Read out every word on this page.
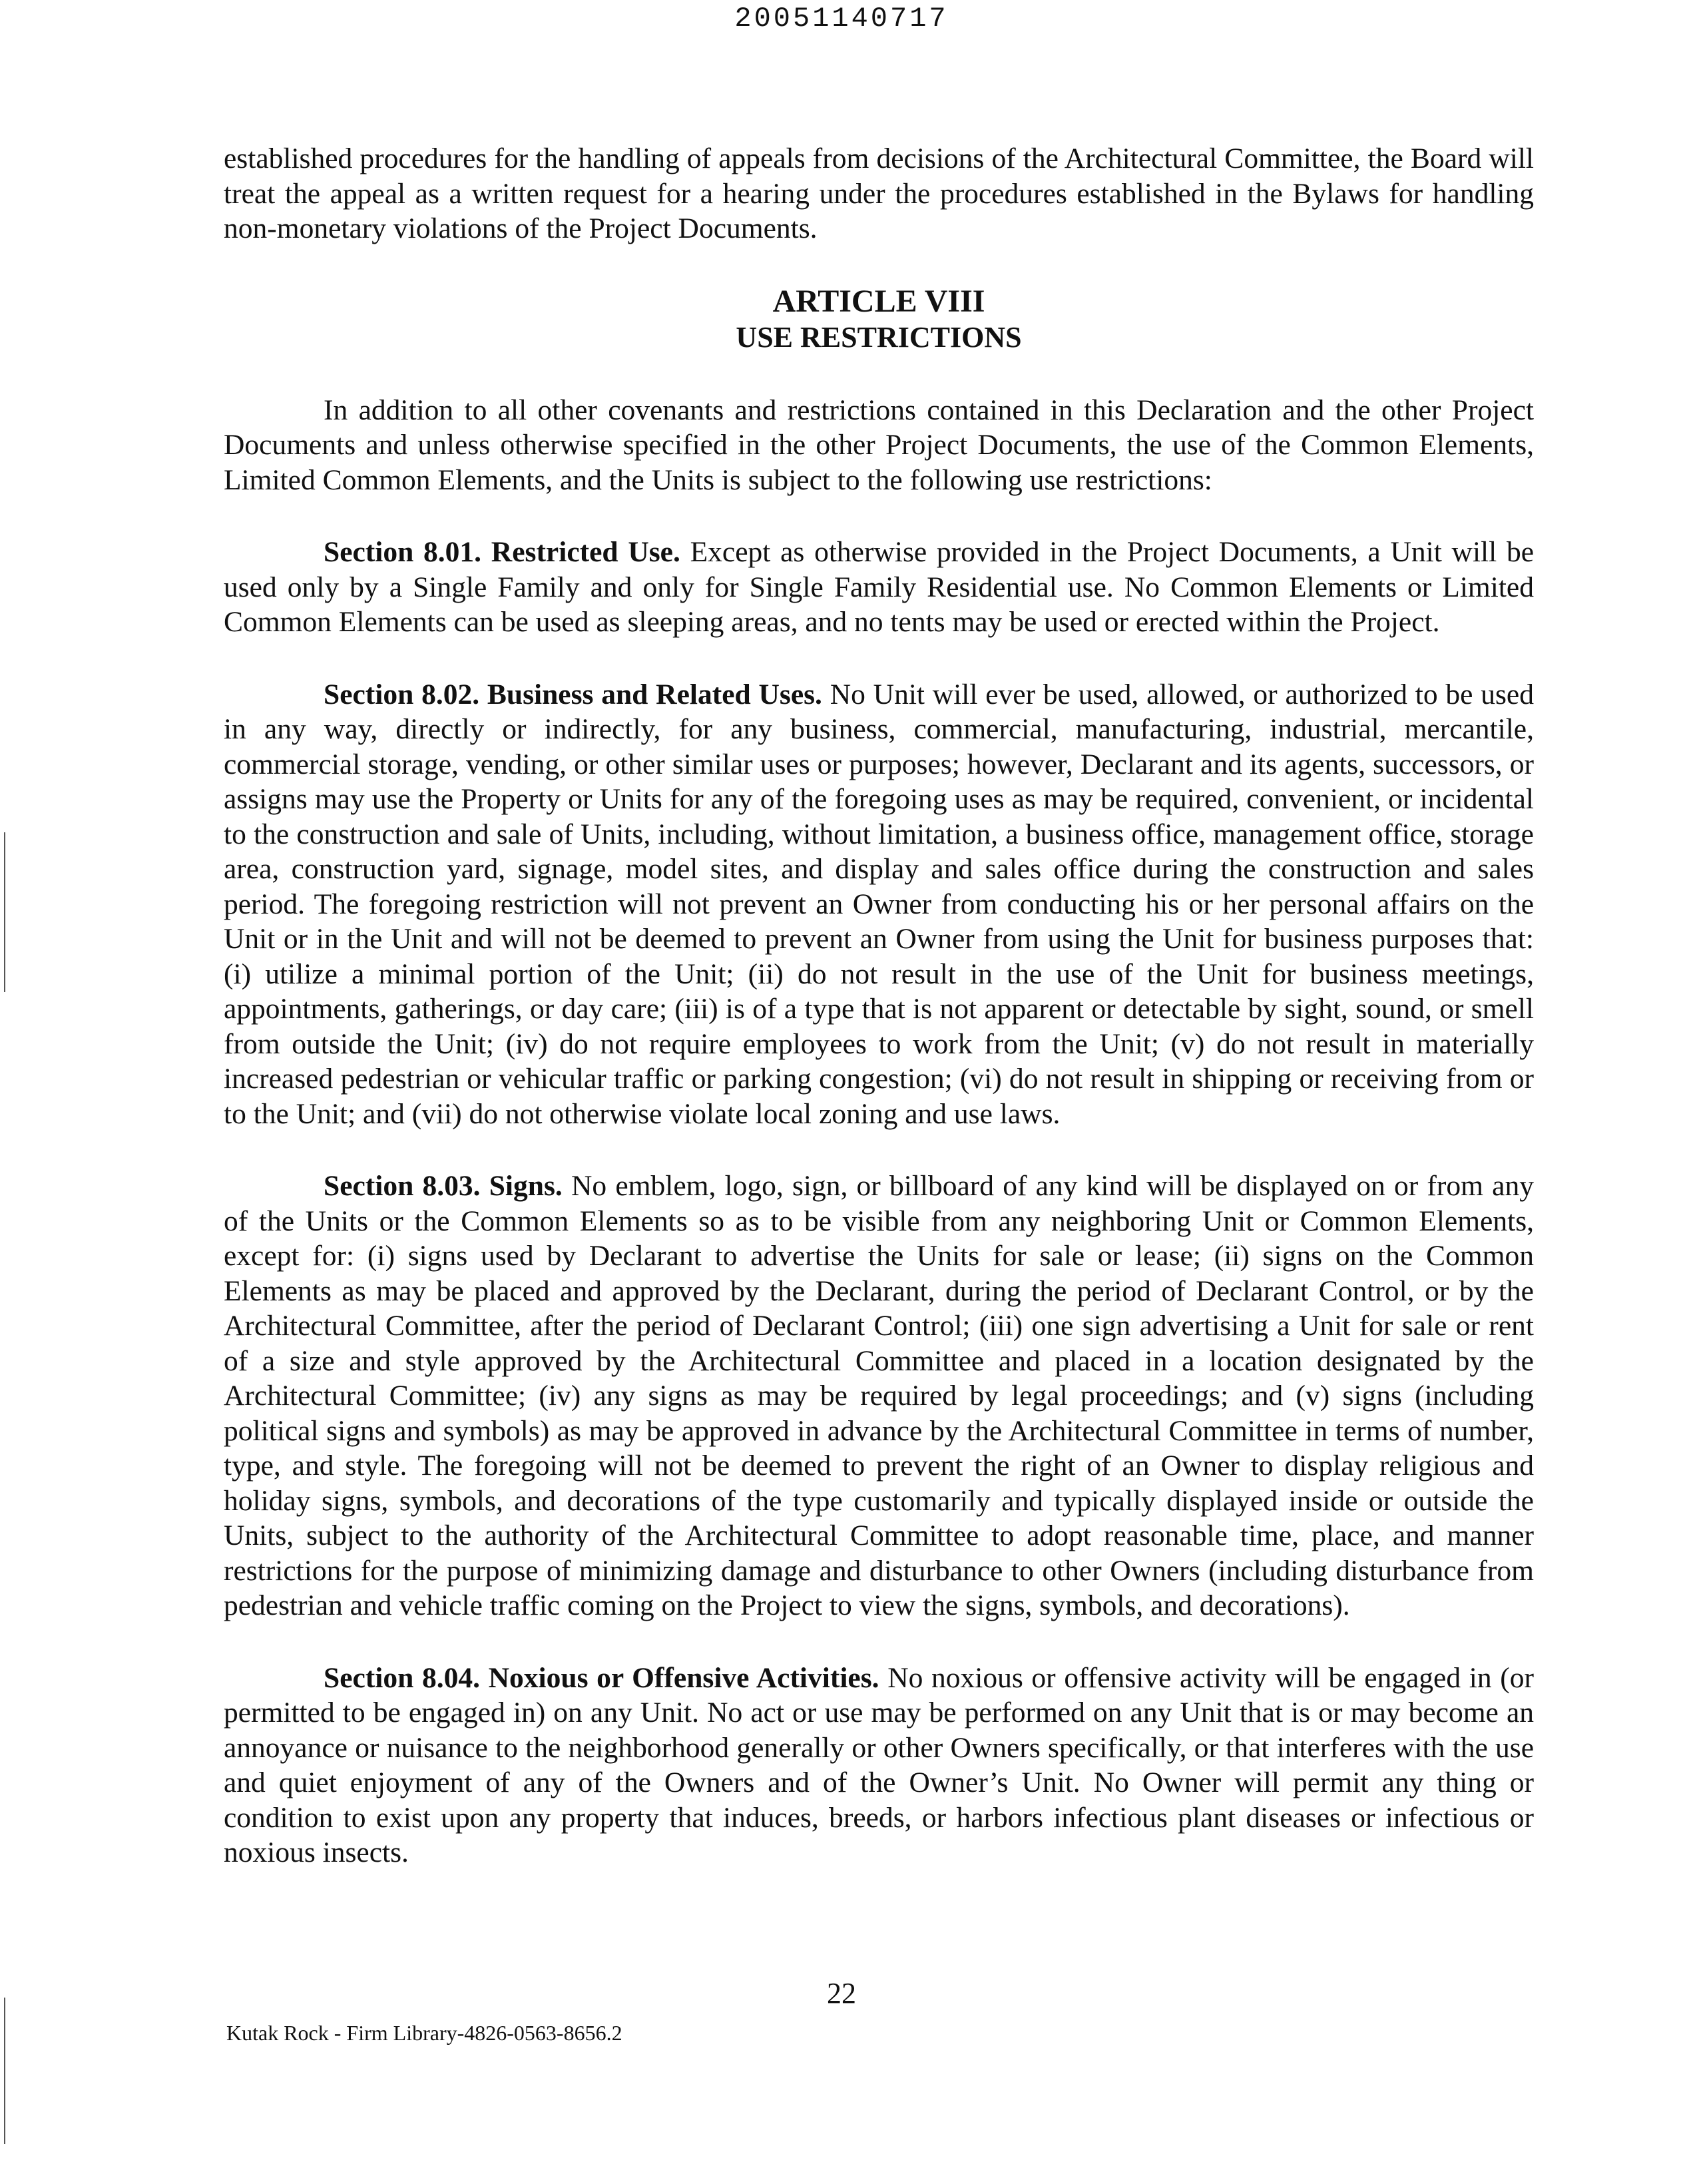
20051140717

established procedures for the handling of appeals from decisions of the Architectural Committee, the Board will treat the appeal as a written request for a hearing under the procedures established in the Bylaws for handling non-monetary violations of the Project Documents.

ARTICLE VIII
USE RESTRICTIONS

In addition to all other covenants and restrictions contained in this Declaration and the other Project Documents and unless otherwise specified in the other Project Documents, the use of the Common Elements, Limited Common Elements, and the Units is subject to the following use restrictions:

Section 8.01. Restricted Use. Except as otherwise provided in the Project Documents, a Unit will be used only by a Single Family and only for Single Family Residential use. No Common Elements or Limited Common Elements can be used as sleeping areas, and no tents may be used or erected within the Project.

Section 8.02. Business and Related Uses. No Unit will ever be used, allowed, or authorized to be used in any way, directly or indirectly, for any business, commercial, manufacturing, industrial, mercantile, commercial storage, vending, or other similar uses or purposes; however, Declarant and its agents, successors, or assigns may use the Property or Units for any of the foregoing uses as may be required, convenient, or incidental to the construction and sale of Units, including, without limitation, a business office, management office, storage area, construction yard, signage, model sites, and display and sales office during the construction and sales period. The foregoing restriction will not prevent an Owner from conducting his or her personal affairs on the Unit or in the Unit and will not be deemed to prevent an Owner from using the Unit for business purposes that: (i) utilize a minimal portion of the Unit; (ii) do not result in the use of the Unit for business meetings, appointments, gatherings, or day care; (iii) is of a type that is not apparent or detectable by sight, sound, or smell from outside the Unit; (iv) do not require employees to work from the Unit; (v) do not result in materially increased pedestrian or vehicular traffic or parking congestion; (vi) do not result in shipping or receiving from or to the Unit; and (vii) do not otherwise violate local zoning and use laws.

Section 8.03. Signs. No emblem, logo, sign, or billboard of any kind will be displayed on or from any of the Units or the Common Elements so as to be visible from any neighboring Unit or Common Elements, except for: (i) signs used by Declarant to advertise the Units for sale or lease; (ii) signs on the Common Elements as may be placed and approved by the Declarant, during the period of Declarant Control, or by the Architectural Committee, after the period of Declarant Control; (iii) one sign advertising a Unit for sale or rent of a size and style approved by the Architectural Committee and placed in a location designated by the Architectural Committee; (iv) any signs as may be required by legal proceedings; and (v) signs (including political signs and symbols) as may be approved in advance by the Architectural Committee in terms of number, type, and style. The foregoing will not be deemed to prevent the right of an Owner to display religious and holiday signs, symbols, and decorations of the type customarily and typically displayed inside or outside the Units, subject to the authority of the Architectural Committee to adopt reasonable time, place, and manner restrictions for the purpose of minimizing damage and disturbance to other Owners (including disturbance from pedestrian and vehicle traffic coming on the Project to view the signs, symbols, and decorations).

Section 8.04. Noxious or Offensive Activities. No noxious or offensive activity will be engaged in (or permitted to be engaged in) on any Unit. No act or use may be performed on any Unit that is or may become an annoyance or nuisance to the neighborhood generally or other Owners specifically, or that interferes with the use and quiet enjoyment of any of the Owners and of the Owner’s Unit. No Owner will permit any thing or condition to exist upon any property that induces, breeds, or harbors infectious plant diseases or infectious or noxious insects.

22
Kutak Rock - Firm Library-4826-0563-8656.2
